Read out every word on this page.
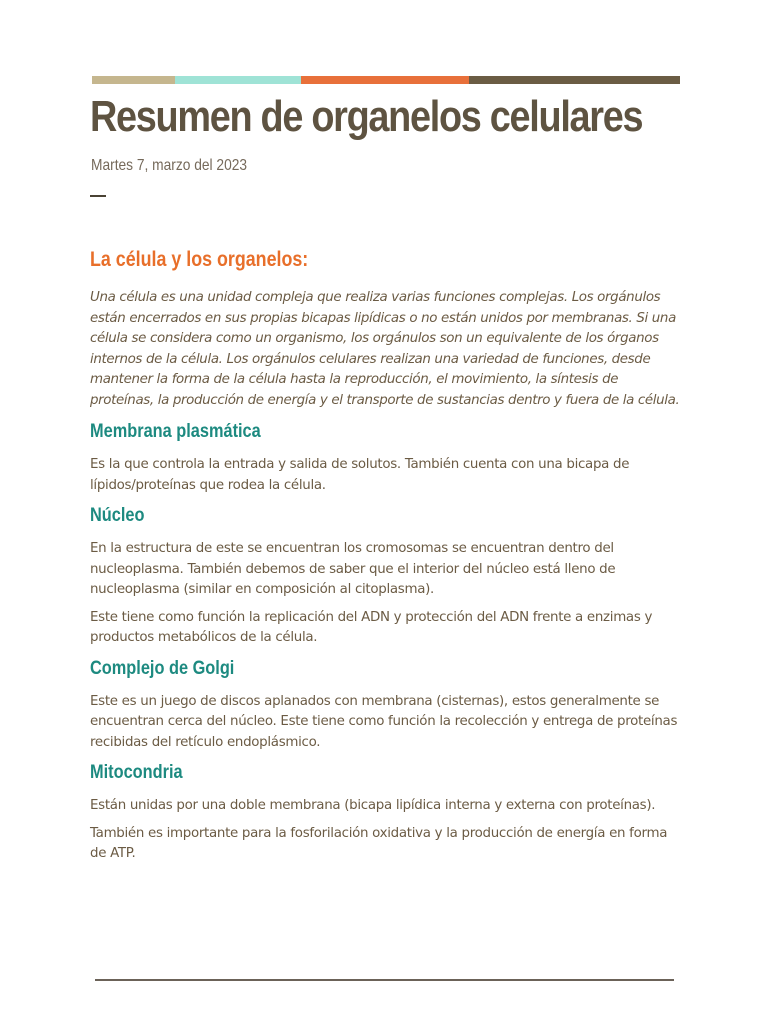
Resumen de organelos celulares

Martes 7, marzo del 2023

La célula y los organelos:

Una célula es una unidad compleja que realiza varias funciones complejas. Los orgánulos están encerrados en sus propias bicapas lipídicas o no están unidos por membranas. Si una célula se considera como un organismo, los orgánulos son un equivalente de los órganos internos de la célula. Los orgánulos celulares realizan una variedad de funciones, desde mantener la forma de la célula hasta la reproducción, el movimiento, la síntesis de proteínas, la producción de energía y el transporte de sustancias dentro y fuera de la célula.

Membrana plasmática

Es la que controla la entrada y salida de solutos. También cuenta con una bicapa de lípidos/proteínas que rodea la célula.

Núcleo

En la estructura de este se encuentran los cromosomas se encuentran dentro del nucleoplasma. También debemos de saber que el interior del núcleo está lleno de nucleoplasma (similar en composición al citoplasma).

Este tiene como función la replicación del ADN y protección del ADN frente a enzimas y productos metabólicos de la célula.

Complejo de Golgi

Este es un juego de discos aplanados con membrana (cisternas), estos generalmente se encuentran cerca del núcleo. Este tiene como función la recolección y entrega de proteínas recibidas del retículo endoplásmico.

Mitocondria

Están unidas por una doble membrana (bicapa lipídica interna y externa con proteínas).

También es importante para la fosforilación oxidativa y la producción de energía en forma de ATP.
